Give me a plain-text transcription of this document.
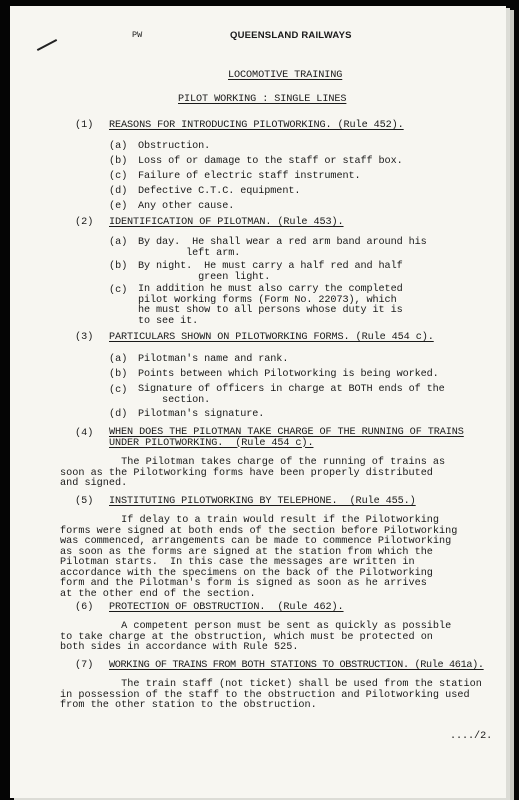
PW	QUEENSLAND RAILWAYS
LOCOMOTIVE TRAINING
PILOT WORKING : SINGLE LINES
(1) REASONS FOR INTRODUCING PILOTWORKING. (Rule 452).
(a) Obstruction.
(b) Loss of or damage to the staff or staff box.
(c) Failure of electric staff instrument.
(d) Defective C.T.C. equipment.
(e) Any other cause.
(2) IDENTIFICATION OF PILOTMAN. (Rule 453).
(a) By day.  He shall wear a red arm band around his
left arm.
(b) By night.  He must carry a half red and half
green light.
(c) In addition he must also carry the completed
pilot working forms (Form No. 22073), which
he must show to all persons whose duty it is
to see it.
(3) PARTICULARS SHOWN ON PILOTWORKING FORMS. (Rule 454 c).
(a) Pilotman's name and rank.
(b) Points between which Pilotworking is being worked.
(c) Signature of officers in charge at BOTH ends of the
section.
(d) Pilotman's signature.
(4) WHEN DOES THE PILOTMAN TAKE CHARGE OF THE RUNNING OF TRAINS
UNDER PILOTWORKING.  (Rule 454 c).
The Pilotman takes charge of the running of trains as
soon as the Pilotworking forms have been properly distributed
and signed.
(5) INSTITUTING PILOTWORKING BY TELEPHONE.  (Rule 455.)
If delay to a train would result if the Pilotworking
forms were signed at both ends of the section before Pilotworking
was commenced, arrangements can be made to commence Pilotworking
as soon as the forms are signed at the station from which the
Pilotman starts.  In this case the messages are written in
accordance with the specimens on the back of the Pilotworking
form and the Pilotman's form is signed as soon as he arrives
at the other end of the section.
(6) PROTECTION OF OBSTRUCTION.  (Rule 462).
A competent person must be sent as quickly as possible
to take charge at the obstruction, which must be protected on
both sides in accordance with Rule 525.
(7) WORKING OF TRAINS FROM BOTH STATIONS TO OBSTRUCTION. (Rule 461a).
The train staff (not ticket) shall be used from the station
in possession of the staff to the obstruction and Pilotworking used
from the other station to the obstruction.
..../2.
